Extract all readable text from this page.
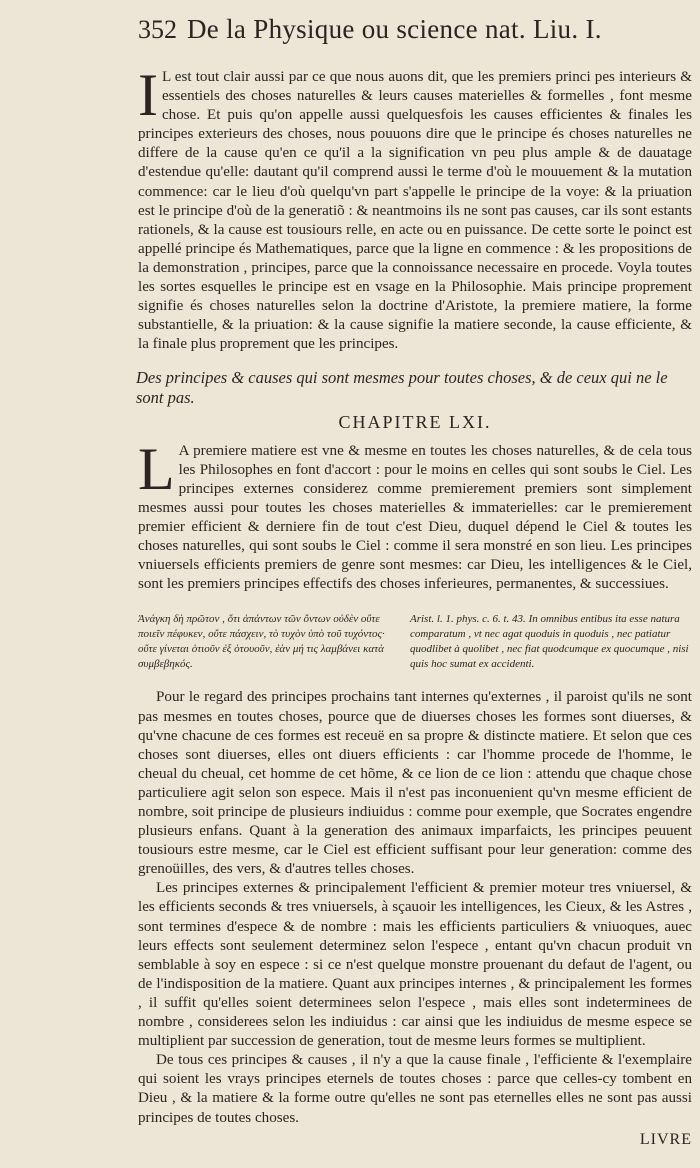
352 De la Physique ou science nat. Liu. I.

I L est tout clair aussi par ce que nous auons dit, que les premiers princi pes interieurs & essentiels des choses naturelles & leurs causes materielles & formelles , font mesme chose. Et puis qu'on appelle aussi quelquesfois les causes efficientes & finales les principes exterieurs des choses, nous pouuons dire que le principe és choses naturelles ne differe de la cause qu'en ce qu'il a la signification vn peu plus ample & de dauatage d'estendue qu'elle: dautant qu'il comprend aussi le terme d'où le mouuement & la mutation commence: car le lieu d'où quelqu'vn part s'appelle le principe de la voye: & la priuation est le principe d'où de la generatiõ : & neantmoins ils ne sont pas causes, car ils sont estants rationels, & la cause est tousiours relle, en acte ou en puissance. De cette sorte le poinct est appellé principe és Mathematiques, parce que la ligne en commence : & les propositions de la demonstration , principes, parce que la connoissance necessaire en procede. Voyla toutes les sortes esquelles le principe est en vsage en la Philosophie. Mais principe proprement signifie és choses naturelles selon la doctrine d'Aristote, la premiere matiere, la forme substantielle, & la priuation: & la cause signifie la matiere seconde, la cause efficiente, & la finale plus proprement que les principes.

Des principes & causes qui sont mesmes pour toutes choses, & de ceux qui ne le sont pas.
CHAPITRE LXI.

L A premiere matiere est vne & mesme en toutes les choses naturelles, & de cela tous les Philosophes en font d'accort : pour le moins en celles qui sont soubs le Ciel. Les principes externes considerez comme premierement premiers sont simplement mesmes aussi pour toutes les choses materielles & immaterielles: car le premierement premier efficient & derniere fin de tout c'est Dieu, duquel dépend le Ciel & toutes les choses naturelles, qui sont soubs le Ciel : comme il sera monstré en son lieu. Les principes vniuersels efficients premiers de genre sont mesmes: car Dieu, les intelligences & le Ciel, sont les premiers principes effectifs des choses inferieures, permanentes, & successiues.

Ἀνάγκη δὴ πρῶτον , ὅτι ἁπάντων τῶν ὄντων οὐδὲν οὔτε ποιεῖν πέφυκεν, οὔτε πάσχειν, τὸ τυχὸν ὑπὸ τοῦ τυχόντος· οὔτε γίνεται ὁτιοῦν ἐξ ὁτουοῦν, ἐὰν μή τις λαμβάνει κατὰ συμβεβηκός.
Arist. l. 1. phys. c. 6. t. 43. In omnibus entibus ita esse natura comparatum , vt nec agat quoduis in quoduis , nec patiatur quodlibet à quolibet , nec fiat quodcumque ex quocumque , nisi quis hoc sumat ex accidenti.

Pour le regard des principes prochains tant internes qu'externes , il paroist qu'ils ne sont pas mesmes en toutes choses, pource que de diuerses choses les formes sont diuerses, & qu'vne chacune de ces formes est receuë en sa propre & distincte matiere. Et selon que ces choses sont diuerses, elles ont diuers efficients : car l'homme procede de l'homme, le cheual du cheual, cet homme de cet hõme, & ce lion de ce lion : attendu que chaque chose particuliere agit selon son espece. Mais il n'est pas inconuenient qu'vn mesme efficient de nombre, soit principe de plusieurs indiuidus : comme pour exemple, que Socrates engendre plusieurs enfans. Quant à la generation des animaux imparfaicts, les principes peuuent tousiours estre mesme, car le Ciel est efficient suffisant pour leur generation: comme des grenoüilles, des vers, & d'autres telles choses.

Les principes externes & principalement l'efficient & premier moteur tres vniuersel, & les efficients seconds & tres vniuersels, à sçauoir les intelligences, les Cieux, & les Astres , sont termines d'espece & de nombre : mais les efficients particuliers & vniuoques, auec leurs effects sont seulement determinez selon l'espece , entant qu'vn chacun produit vn semblable à soy en espece : si ce n'est quelque monstre prouenant du defaut de l'agent, ou de l'indisposition de la matiere. Quant aux principes internes , & principalement les formes , il suffit qu'elles soient determinees selon l'espece , mais elles sont indeterminees de nombre , considerees selon les indiuidus : car ainsi que les indiuidus de mesme espece se multiplient par succession de generation, tout de mesme leurs formes se multiplient.

De tous ces principes & causes , il n'y a que la cause finale , l'efficiente & l'exemplaire qui soient les vrays principes eternels de toutes choses : parce que celles-cy tombent en Dieu , & la matiere & la forme outre qu'elles ne sont pas eternelles elles ne sont pas aussi principes de toutes choses.

LIVRE
